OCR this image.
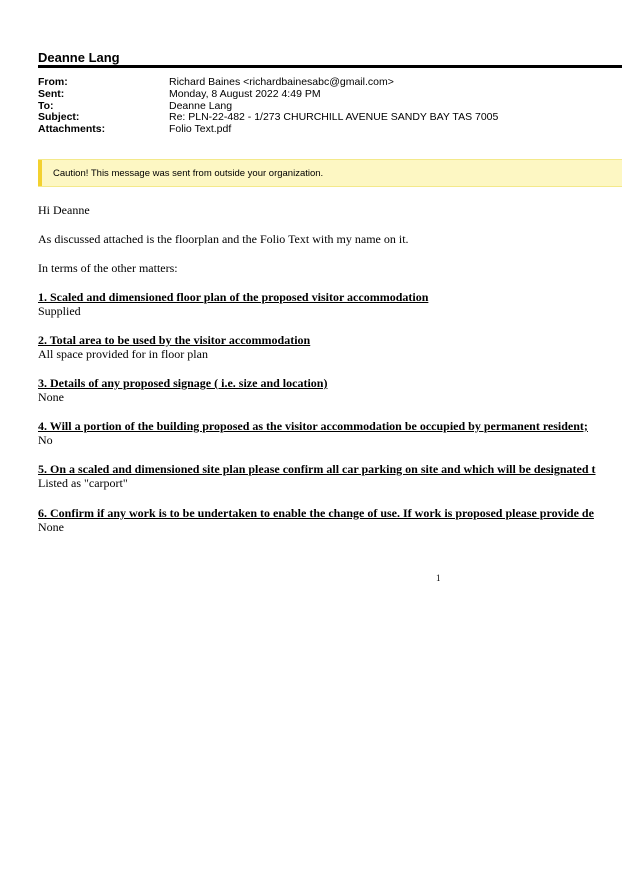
Deanne Lang
From:	Richard Baines <richardbainesabc@gmail.com>
Sent:	Monday, 8 August 2022 4:49 PM
To:	Deanne Lang
Subject:	Re: PLN-22-482 - 1/273 CHURCHILL AVENUE SANDY BAY TAS 7005
Attachments:	Folio Text.pdf
Caution! This message was sent from outside your organization.
Hi Deanne
As discussed attached is the floorplan and the Folio Text with my name on it.
In terms of the other matters:
1. Scaled and dimensioned floor plan of the proposed visitor accommodation
Supplied
2. Total area to be used by the visitor accommodation
All space provided for in floor plan
3. Details of any proposed signage ( i.e. size and location)
None
4. Will a portion of the building proposed as the visitor accommodation be occupied by permanent resident;
No
5. On a scaled and dimensioned site plan please confirm all car parking on site and which will be designated t
Listed as "carport"
6. Confirm if any work is to be undertaken to enable the change of use. If work is proposed please provide de
None
1
